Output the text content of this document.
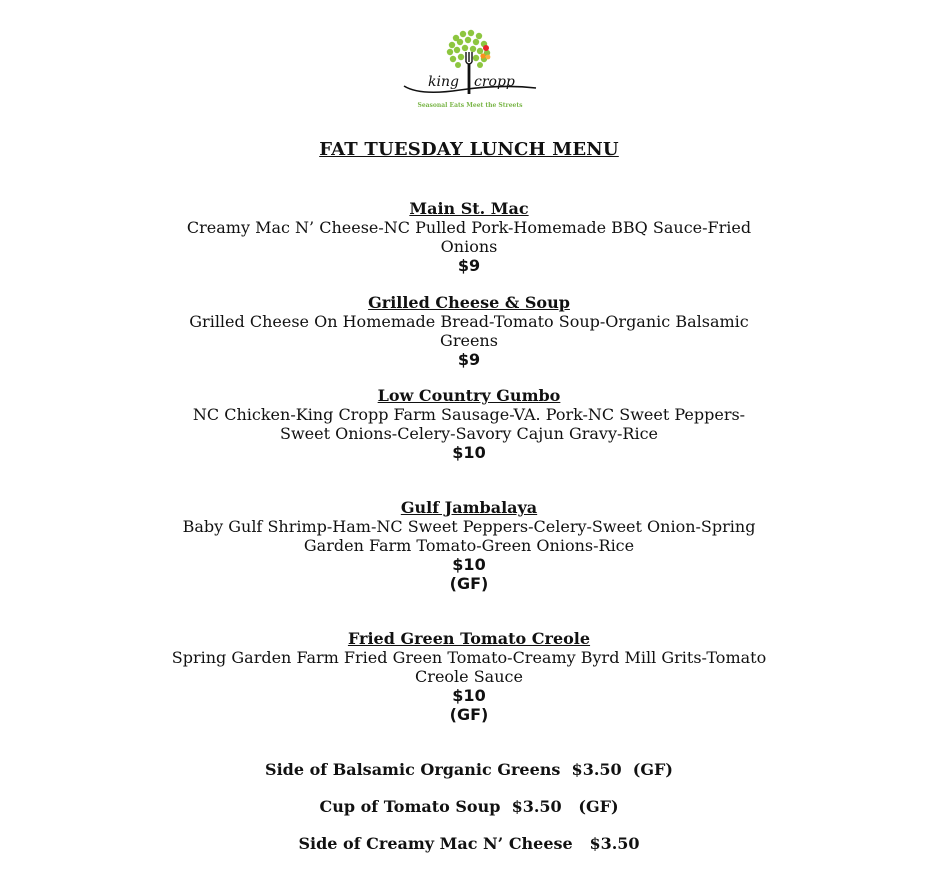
king cropp
Seasonal Eats Meet the Streets
FAT TUESDAY LUNCH MENU
Main St. Mac
Creamy Mac N’ Cheese-NC Pulled Pork-Homemade BBQ Sauce-Fried Onions
$9
Grilled Cheese & Soup
Grilled Cheese On Homemade Bread-Tomato Soup-Organic Balsamic Greens
$9
Low Country Gumbo
NC Chicken-King Cropp Farm Sausage-VA. Pork-NC Sweet Peppers-Sweet Onions-Celery-Savory Cajun Gravy-Rice
$10
Gulf Jambalaya
Baby Gulf Shrimp-Ham-NC Sweet Peppers-Celery-Sweet Onion-Spring Garden Farm Tomato-Green Onions-Rice
$10
(GF)
Fried Green Tomato Creole
Spring Garden Farm Fried Green Tomato-Creamy Byrd Mill Grits-Tomato Creole Sauce
$10
(GF)
Side of Balsamic Organic Greens  $3.50  (GF)
Cup of Tomato Soup  $3.50   (GF)
Side of Creamy Mac N’ Cheese   $3.50
